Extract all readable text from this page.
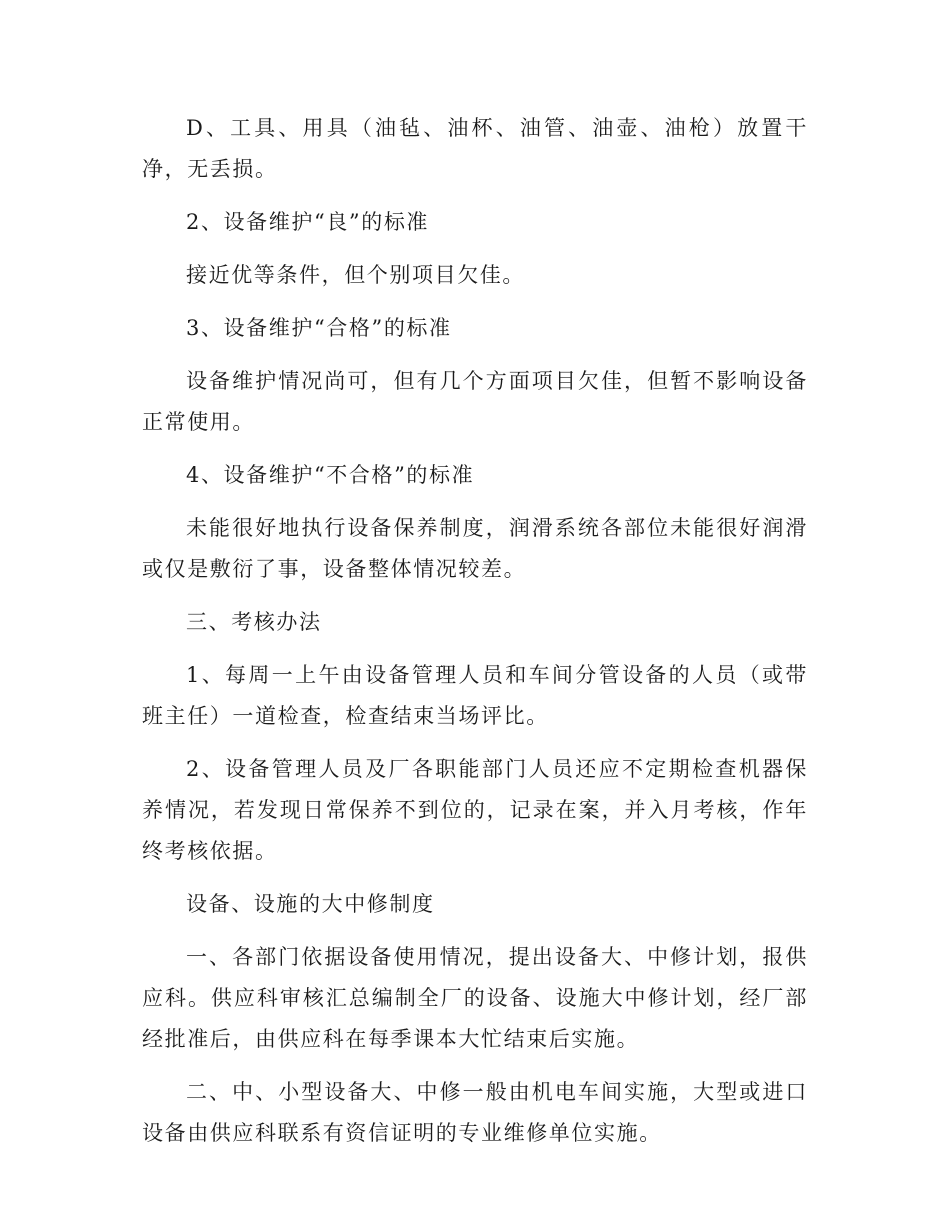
D、工具、用具（油毡、油杯、油管、油壶、油枪）放置干净，无丢损。

2、设备维护“良”的标准

接近优等条件，但个别项目欠佳。

3、设备维护“合格”的标准

设备维护情况尚可，但有几个方面项目欠佳，但暂不影响设备正常使用。

4、设备维护“不合格”的标准

未能很好地执行设备保养制度，润滑系统各部位未能很好润滑或仅是敷衍了事，设备整体情况较差。

三、考核办法

1、每周一上午由设备管理人员和车间分管设备的人员（或带班主任）一道检查，检查结束当场评比。

2、设备管理人员及厂各职能部门人员还应不定期检查机器保养情况，若发现日常保养不到位的，记录在案，并入月考核，作年终考核依据。

设备、设施的大中修制度

一、各部门依据设备使用情况，提出设备大、中修计划，报供应科。供应科审核汇总编制全厂的设备、设施大中修计划，经厂部经批准后，由供应科在每季课本大忙结束后实施。

二、中、小型设备大、中修一般由机电车间实施，大型或进口设备由供应科联系有资信证明的专业维修单位实施。
